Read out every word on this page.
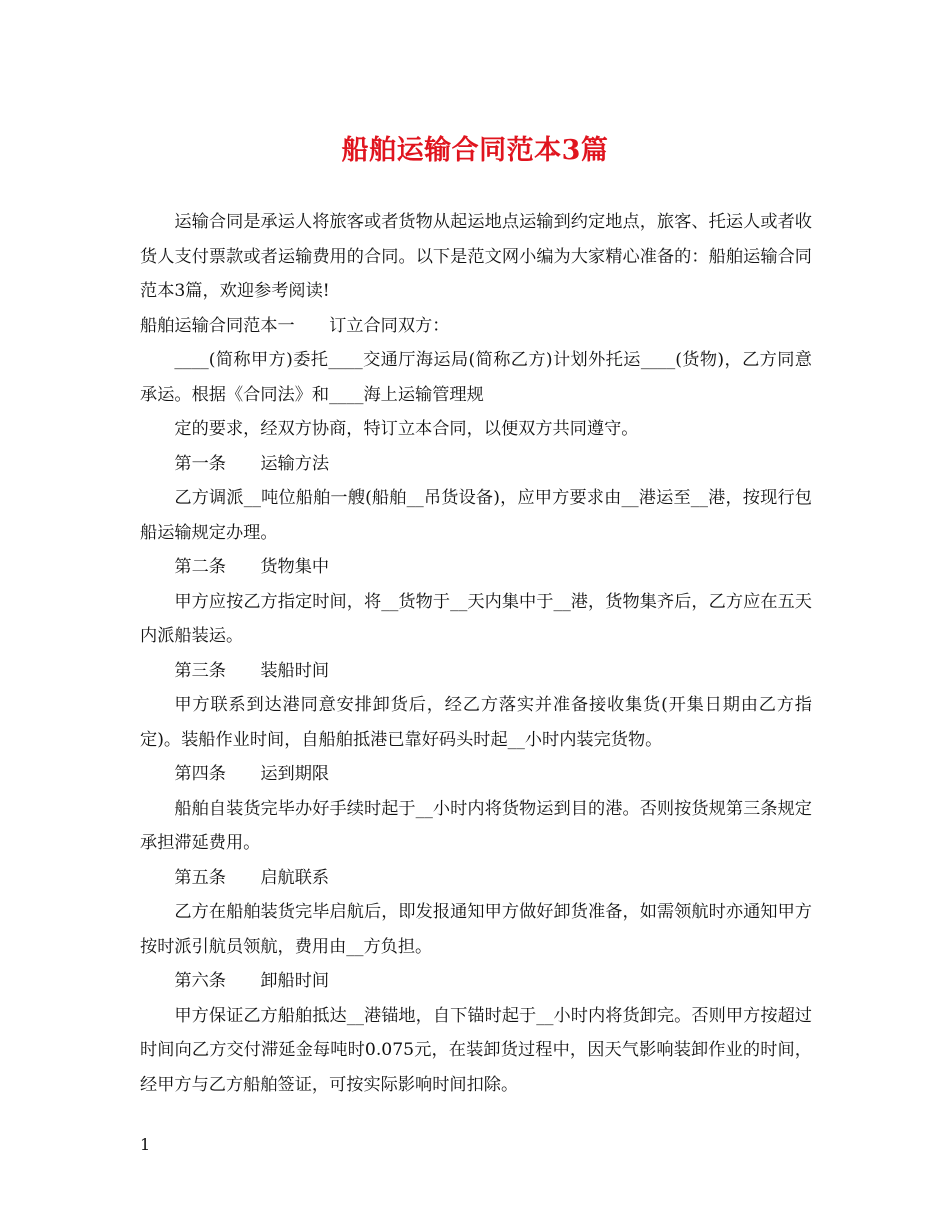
船舶运输合同范本3篇

运输合同是承运人将旅客或者货物从起运地点运输到约定地点，旅客、托运人或者收货人支付票款或者运输费用的合同。以下是范文网小编为大家精心准备的：船舶运输合同范本3篇，欢迎参考阅读!

船舶运输合同范本一 订立合同双方：

____(简称甲方)委托____交通厅海运局(简称乙方)计划外托运____(货物)，乙方同意承运。根据《合同法》和____海上运输管理规

定的要求，经双方协商，特订立本合同，以便双方共同遵守。

第一条 运输方法

乙方调派__吨位船舶一艘(船舶__吊货设备)，应甲方要求由__港运至__港，按现行包船运输规定办理。

第二条 货物集中

甲方应按乙方指定时间，将__货物于__天内集中于__港，货物集齐后，乙方应在五天内派船装运。

第三条 装船时间

甲方联系到达港同意安排卸货后，经乙方落实并准备接收集货(开集日期由乙方指定)。装船作业时间，自船舶抵港已靠好码头时起__小时内装完货物。

第四条 运到期限

船舶自装货完毕办好手续时起于__小时内将货物运到目的港。否则按货规第三条规定承担滞延费用。

第五条 启航联系

乙方在船舶装货完毕启航后，即发报通知甲方做好卸货准备，如需领航时亦通知甲方按时派引航员领航，费用由__方负担。

第六条 卸船时间

甲方保证乙方船舶抵达__港锚地，自下锚时起于__小时内将货卸完。否则甲方按超过时间向乙方交付滞延金每吨时0.075元，在装卸货过程中，因天气影响装卸作业的时间，经甲方与乙方船舶签证，可按实际影响时间扣除。

1
